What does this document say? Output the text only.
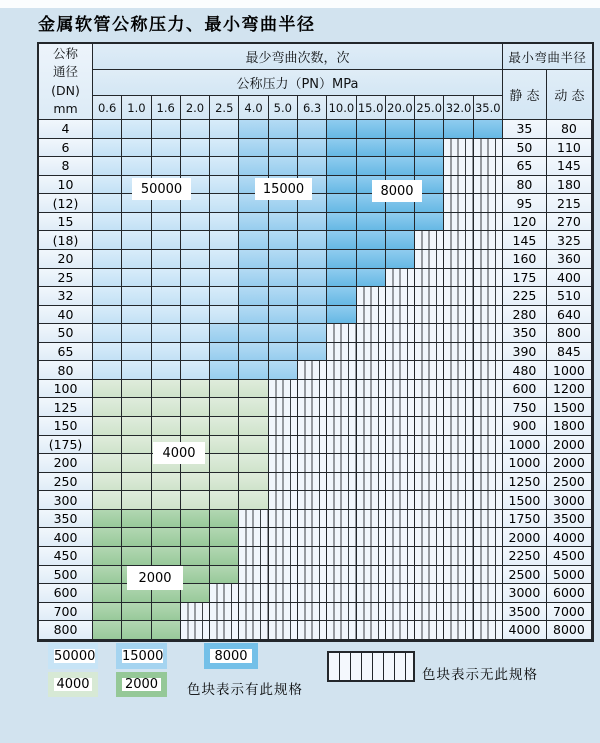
金属软管公称压力、最小弯曲半径
公称
通径
(DN)
mm
最少弯曲次数，次	最小弯曲半径
公称压力（PN）MPa
静 态	动 态
0.6 1.0 1.6 2.0 2.5 4.0 5.0 6.3 10.0 15.0 20.0 25.0 32.0 35.0
4	35	80
6	50	110
8	65	145
10	80	180
(12)	95	215
15	120	270
(18)	145	325
20	160	360
25	175	400
32	225	510
40	280	640
50	350	800
65	390	845
80	480	1000
100	600	1200
125	750	1500
150	900	1800
(175)	1000	2000
200	1000	2000
250	1250	2500
300	1500	3000
350	1750	3500
400	2000	4000
450	2250	4500
500	2500	5000
600	3000	6000
700	3500	7000
800	4000	8000
50000	15000	8000
4000
2000
色块表示有此规格
色块表示无此规格
50000 15000	8000
4000	2000
